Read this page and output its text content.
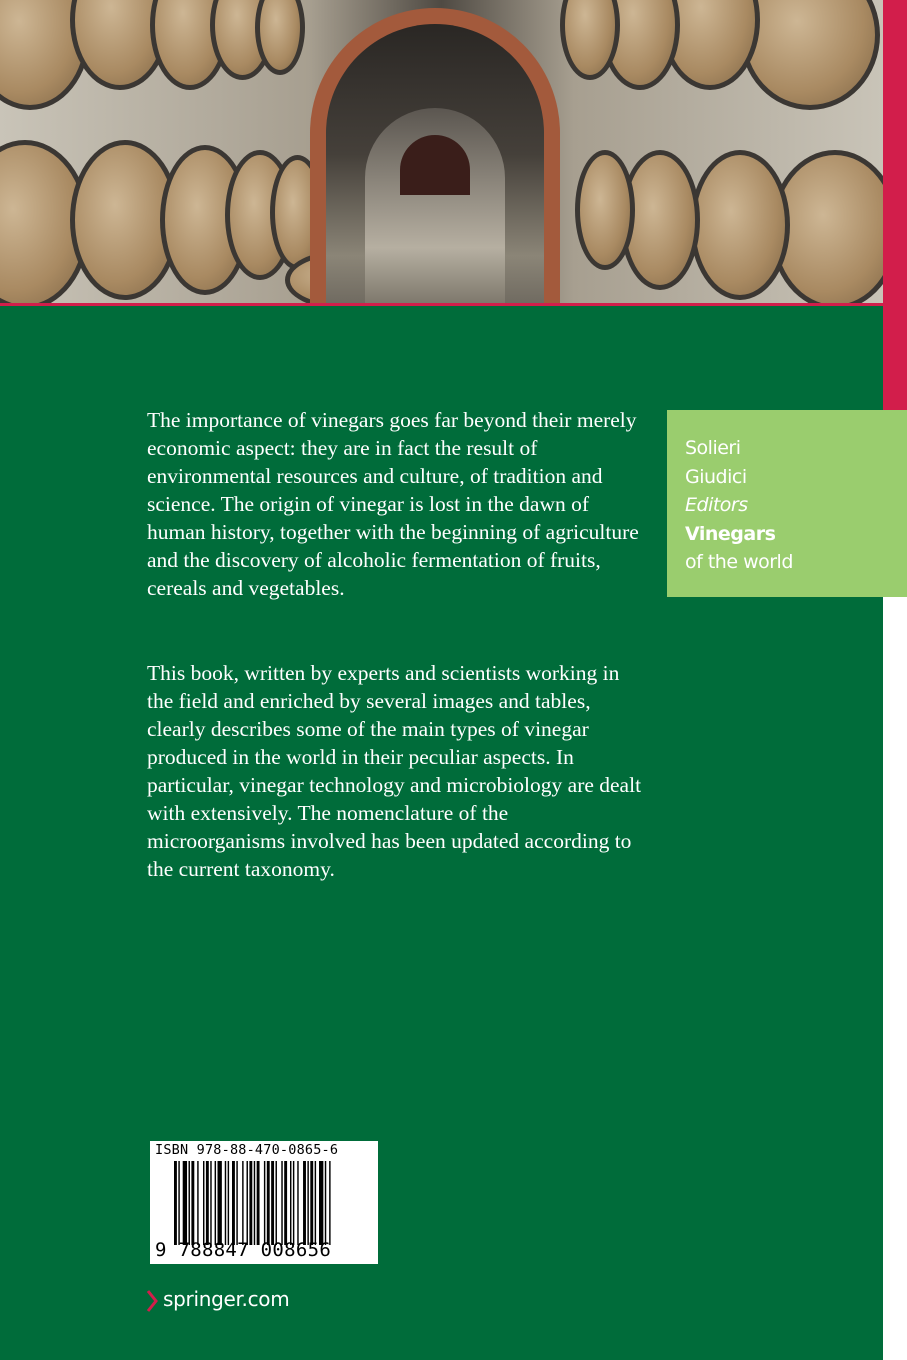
The importance of vinegars goes far beyond their merely economic aspect: they are in fact the result of environmental resources and culture, of tradition and science. The origin of vinegar is lost in the dawn of human history, together with the beginning of agriculture and the discovery of alcoholic fermentation of fruits, cereals and vegetables.

This book, written by experts and scientists working in the field and enriched by several images and tables, clearly describes some of the main types of vinegar produced in the world in their peculiar aspects. In particular, vinegar technology and microbiology are dealt with extensively. The nomenclature of the microorganisms involved has been updated according to the current taxonomy.

Solieri
Giudici
Editors
Vinegars
of the world
ISBN 978-88-470-0865-6
9 788847 008656
springer.com
